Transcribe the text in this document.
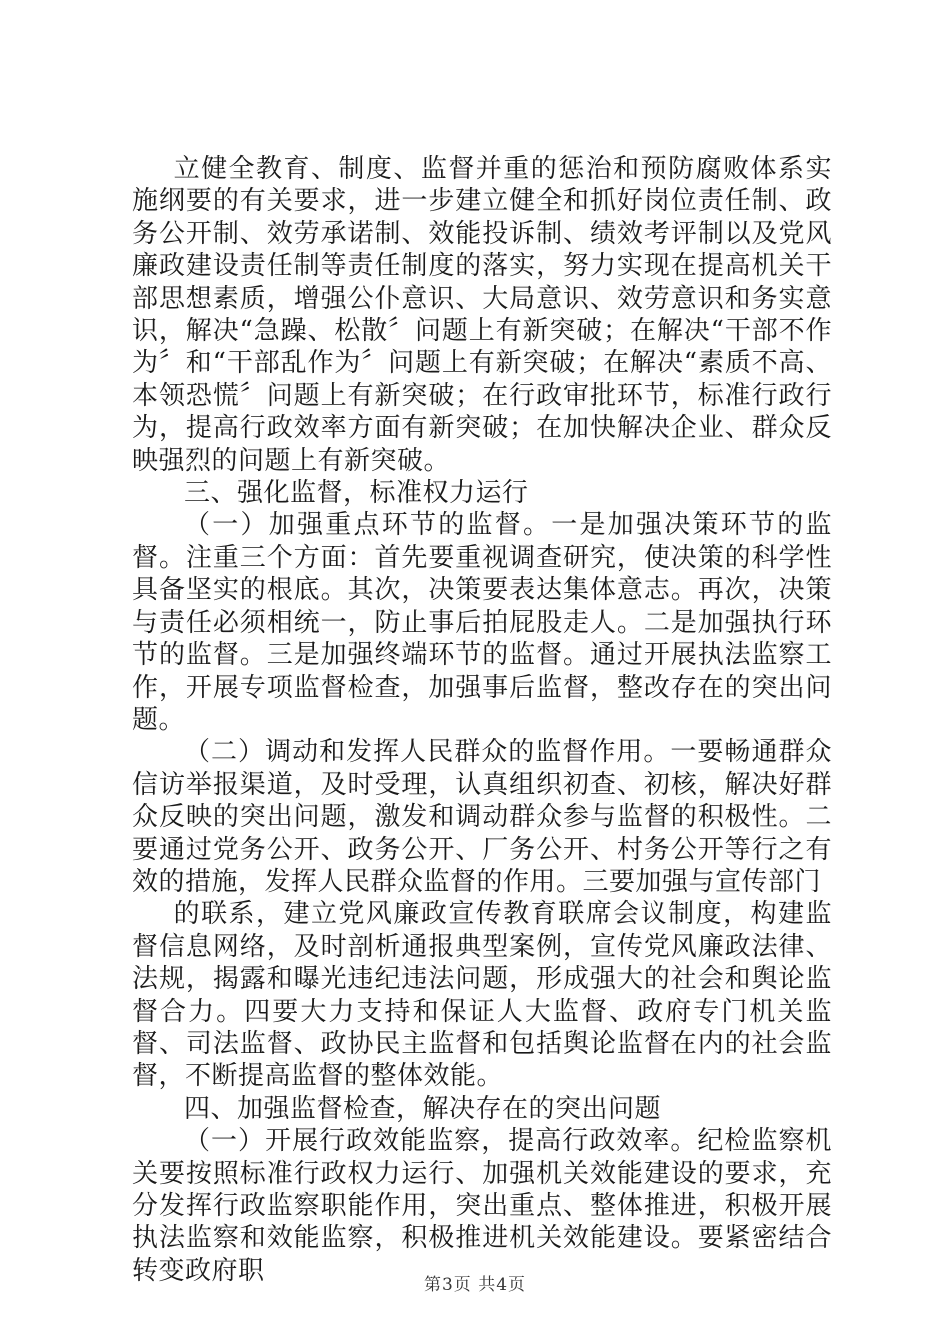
立健全教育、制度、监督并重的惩治和预防腐败体系实施纲要的有关要求，进一步建立健全和抓好岗位责任制、政务公开制、效劳承诺制、效能投诉制、绩效考评制以及党风廉政建设责任制等责任制度的落实，努力实现在提高机关干部思想素质，增强公仆意识、大局意识、效劳意识和务实意识，解决“急躁、松散〞问题上有新突破；在解决“干部不作为〞和“干部乱作为〞问题上有新突破；在解决“素质不高、本领恐慌〞问题上有新突破；在行政审批环节，标准行政行为，提高行政效率方面有新突破；在加快解决企业、群众反映强烈的问题上有新突破。

三、强化监督，标准权力运行

（一）加强重点环节的监督。一是加强决策环节的监督。注重三个方面：首先要重视调查研究，使决策的科学性具备坚实的根底。其次，决策要表达集体意志。再次，决策与责任必须相统一，防止事后拍屁股走人。二是加强执行环节的监督。三是加强终端环节的监督。通过开展执法监察工作，开展专项监督检查，加强事后监督，整改存在的突出问题。

（二）调动和发挥人民群众的监督作用。一要畅通群众信访举报渠道，及时受理，认真组织初查、初核，解决好群众反映的突出问题，激发和调动群众参与监督的积极性。二要通过党务公开、政务公开、厂务公开、村务公开等行之有效的措施，发挥人民群众监督的作用。三要加强与宣传部门

的联系，建立党风廉政宣传教育联席会议制度，构建监督信息网络，及时剖析通报典型案例，宣传党风廉政法律、法规，揭露和曝光违纪违法问题，形成强大的社会和舆论监督合力。四要大力支持和保证人大监督、政府专门机关监督、司法监督、政协民主监督和包括舆论监督在内的社会监督，不断提高监督的整体效能。

四、加强监督检查，解决存在的突出问题

（一）开展行政效能监察，提高行政效率。纪检监察机关要按照标准行政权力运行、加强机关效能建设的要求，充分发挥行政监察职能作用，突出重点、整体推进，积极开展执法监察和效能监察，积极推进机关效能建设。要紧密结合转变政府职	第3页 共4页
